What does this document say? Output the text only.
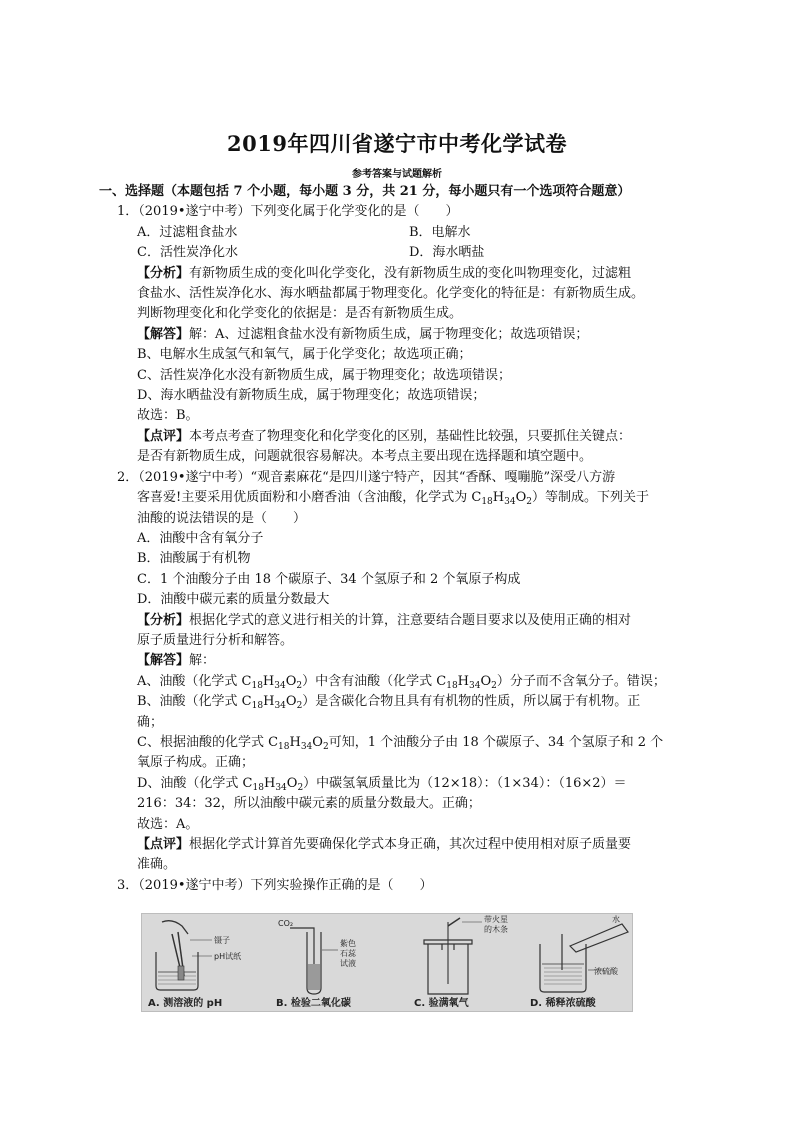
2019年四川省遂宁市中考化学试卷
参考答案与试题解析
一、选择题（本题包括 7 个小题，每小题 3 分，共 21 分，每小题只有一个选项符合题意）
1．（2019•遂宁中考）下列变化属于化学变化的是（　　）
A．过滤粗食盐水	B．电解水
C．活性炭净化水	D．海水晒盐
【分析】有新物质生成的变化叫化学变化，没有新物质生成的变化叫物理变化，过滤粗
食盐水、活性炭净化水、海水晒盐都属于物理变化。化学变化的特征是：有新物质生成。
判断物理变化和化学变化的依据是：是否有新物质生成。
【解答】解：A、过滤粗食盐水没有新物质生成，属于物理变化；故选项错误；
B、电解水生成氢气和氧气，属于化学变化；故选项正确；
C、活性炭净化水没有新物质生成，属于物理变化；故选项错误；
D、海水晒盐没有新物质生成，属于物理变化；故选项错误；
故选：B。
【点评】本考点考查了物理变化和化学变化的区别，基础性比较强，只要抓住关键点：
是否有新物质生成，问题就很容易解决。本考点主要出现在选择题和填空题中。
2．（2019•遂宁中考）“观音素麻花“是四川遂宁特产，因其“香酥、嘎嘣脆”深受八方游
客喜爱!主要采用优质面粉和小磨香油（含油酸，化学式为 $C_{18}H_{34}O_2$）等制成。下列关于
油酸的说法错误的是（　　）
A．油酸中含有氧分子
B．油酸属于有机物
C．1 个油酸分子由 18 个碳原子、34 个氢原子和 2 个氧原子构成
D．油酸中碳元素的质量分数最大
【分析】根据化学式的意义进行相关的计算，注意要结合题目要求以及使用正确的相对
原子质量进行分析和解答。
【解答】解：
A、油酸（化学式 $C_{18}H_{34}O_2$）中含有油酸（化学式 $C_{18}H_{34}O_2$）分子而不含氧分子。错误；
B、油酸（化学式 $C_{18}H_{34}O_2$）是含碳化合物且具有有机物的性质，所以属于有机物。正
确；
C、根据油酸的化学式 $C_{18}H_{34}O_2$可知，1 个油酸分子由 18 个碳原子、34 个氢原子和 2 个
氧原子构成。正确；
D、油酸（化学式 $C_{18}H_{34}O_2$）中碳氢氧质量比为（12×18）：（1×34）：（16×2）＝
216：34：32，所以油酸中碳元素的质量分数最大。正确；
故选：A。
【点评】根据化学式计算首先要确保化学式本身正确，其次过程中使用相对原子质量要
准确。
3．（2019•遂宁中考）下列实验操作正确的是（　　）
镊子
pH试纸
CO₂
紫色
石蕊
试液
带火星
的木条
水
浓硫酸
A. 测溶液的 pH	B. 检验二氧化碳	C. 验满氧气	D. 稀释浓硫酸
